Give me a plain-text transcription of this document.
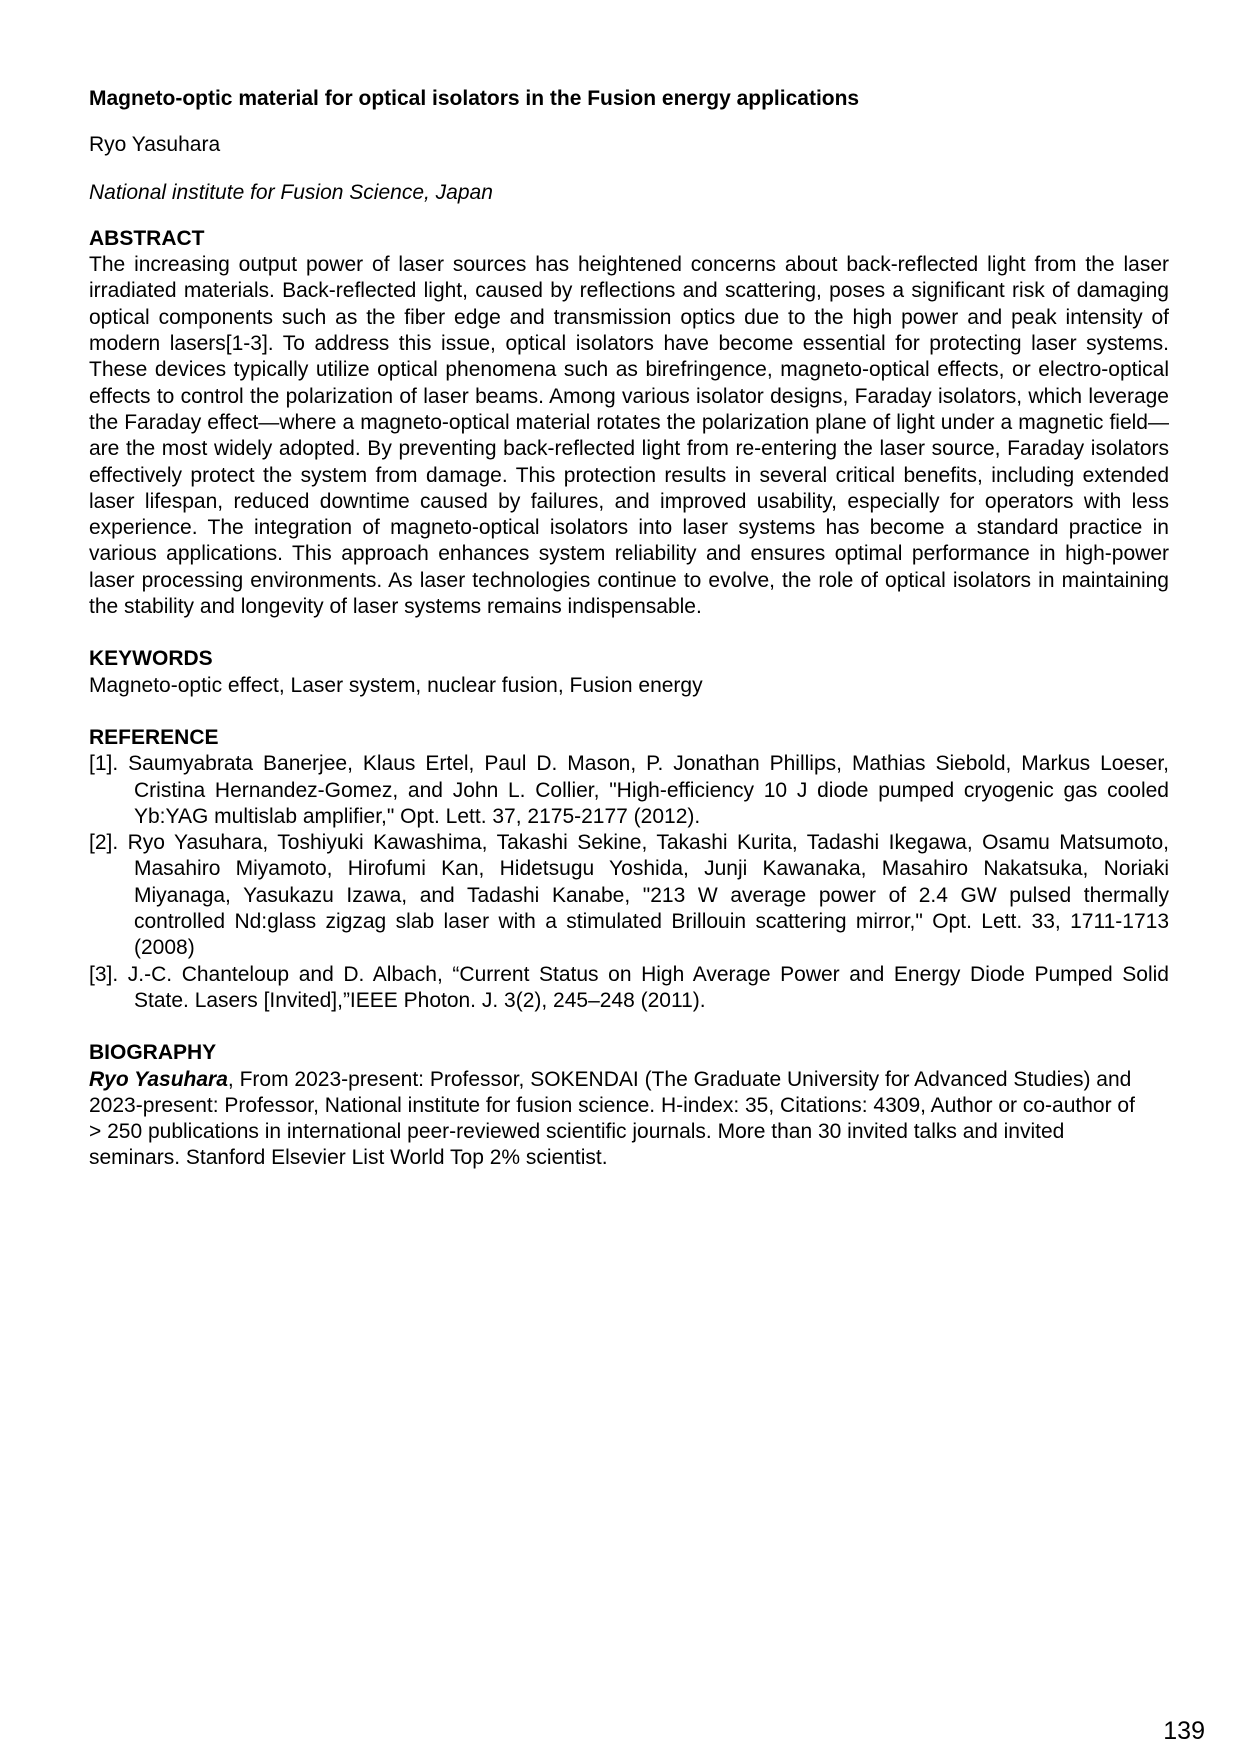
Magneto-optic material for optical isolators in the Fusion energy applications

Ryo Yasuhara

National institute for Fusion Science, Japan

ABSTRACT

The increasing output power of laser sources has heightened concerns about back-reflected light from the laser irradiated materials. Back-reflected light, caused by reflections and scattering, poses a significant risk of damaging optical components such as the fiber edge and transmission optics due to the high power and peak intensity of modern lasers[1-3]. To address this issue, optical isolators have become essential for protecting laser systems. These devices typically utilize optical phenomena such as birefringence, magneto-optical effects, or electro-optical effects to control the polarization of laser beams. Among various isolator designs, Faraday isolators, which leverage the Faraday effect—where a magneto-optical material rotates the polarization plane of light under a magnetic field—are the most widely adopted. By preventing back-reflected light from re-entering the laser source, Faraday isolators effectively protect the system from damage. This protection results in several critical benefits, including extended laser lifespan, reduced downtime caused by failures, and improved usability, especially for operators with less experience. The integration of magneto-optical isolators into laser systems has become a standard practice in various applications. This approach enhances system reliability and ensures optimal performance in high-power laser processing environments. As laser technologies continue to evolve, the role of optical isolators in maintaining the stability and longevity of laser systems remains indispensable.

KEYWORDS

Magneto-optic effect, Laser system, nuclear fusion, Fusion energy

REFERENCE

[1]. Saumyabrata Banerjee, Klaus Ertel, Paul D. Mason, P. Jonathan Phillips, Mathias Siebold, Markus Loeser, Cristina Hernandez-Gomez, and John L. Collier, "High-efficiency 10 J diode pumped cryogenic gas cooled Yb:YAG multislab amplifier," Opt. Lett. 37, 2175-2177 (2012).
[2]. Ryo Yasuhara, Toshiyuki Kawashima, Takashi Sekine, Takashi Kurita, Tadashi Ikegawa, Osamu Matsumoto, Masahiro Miyamoto, Hirofumi Kan, Hidetsugu Yoshida, Junji Kawanaka, Masahiro Nakatsuka, Noriaki Miyanaga, Yasukazu Izawa, and Tadashi Kanabe, "213 W average power of 2.4 GW pulsed thermally controlled Nd:glass zigzag slab laser with a stimulated Brillouin scattering mirror," Opt. Lett. 33, 1711-1713 (2008)
[3]. J.-C. Chanteloup and D. Albach, “Current Status on High Average Power and Energy Diode Pumped Solid State. Lasers [Invited],”IEEE Photon. J. 3(2), 245–248 (2011).

BIOGRAPHY

Ryo Yasuhara, From 2023-present: Professor, SOKENDAI (The Graduate University for Advanced Studies) and 2023-present: Professor, National institute for fusion science. H-index: 35, Citations: 4309, Author or co-author of > 250 publications in international peer-reviewed scientific journals. More than 30 invited talks and invited seminars. Stanford Elsevier List World Top 2% scientist.

139
